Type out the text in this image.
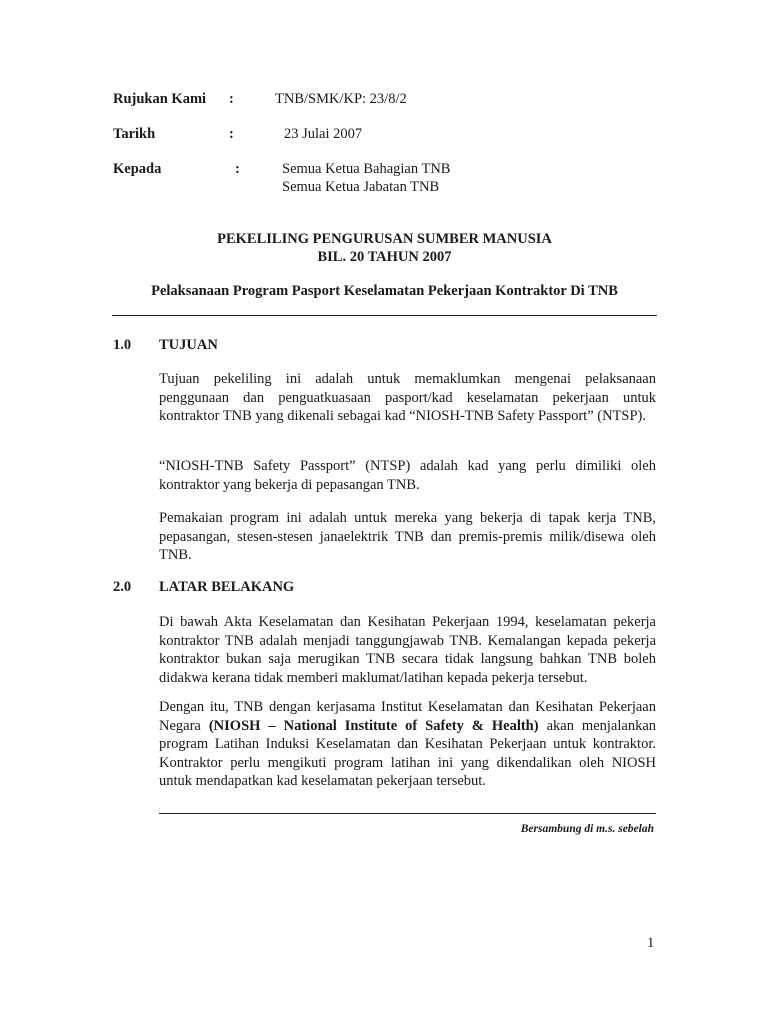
Rujukan Kami :	TNB/SMK/KP: 23/8/2
Tarikh	:	23 Julai 2007
Kepada	:	Semua Ketua Bahagian TNB
Semua Ketua Jabatan TNB
PEKELILING PENGURUSAN SUMBER MANUSIA
BIL. 20 TAHUN 2007
Pelaksanaan Program Pasport Keselamatan Pekerjaan Kontraktor Di TNB
1.0 TUJUAN

Tujuan pekeliling ini adalah untuk memaklumkan mengenai pelaksanaan penggunaan dan penguatkuasaan pasport/kad keselamatan pekerjaan untuk kontraktor TNB yang dikenali sebagai kad “NIOSH-TNB Safety Passport” (NTSP).

“NIOSH-TNB Safety Passport” (NTSP) adalah kad yang perlu dimiliki oleh kontraktor yang bekerja di pepasangan TNB.

Pemakaian program ini adalah untuk mereka yang bekerja di tapak kerja TNB, pepasangan, stesen-stesen janaelektrik TNB dan premis-premis milik/disewa oleh TNB.

2.0 LATAR BELAKANG

Di bawah Akta Keselamatan dan Kesihatan Pekerjaan 1994, keselamatan pekerja kontraktor TNB adalah menjadi tanggungjawab TNB. Kemalangan kepada pekerja kontraktor bukan saja merugikan TNB secara tidak langsung bahkan TNB boleh didakwa kerana tidak memberi maklumat/latihan kepada pekerja tersebut.

Dengan itu, TNB dengan kerjasama Institut Keselamatan dan Kesihatan Pekerjaan Negara (NIOSH – National Institute of Safety & Health) akan menjalankan program Latihan Induksi Keselamatan dan Kesihatan Pekerjaan untuk kontraktor. Kontraktor perlu mengikuti program latihan ini yang dikendalikan oleh NIOSH untuk mendapatkan kad keselamatan pekerjaan tersebut.

Bersambung di m.s. sebelah
1
